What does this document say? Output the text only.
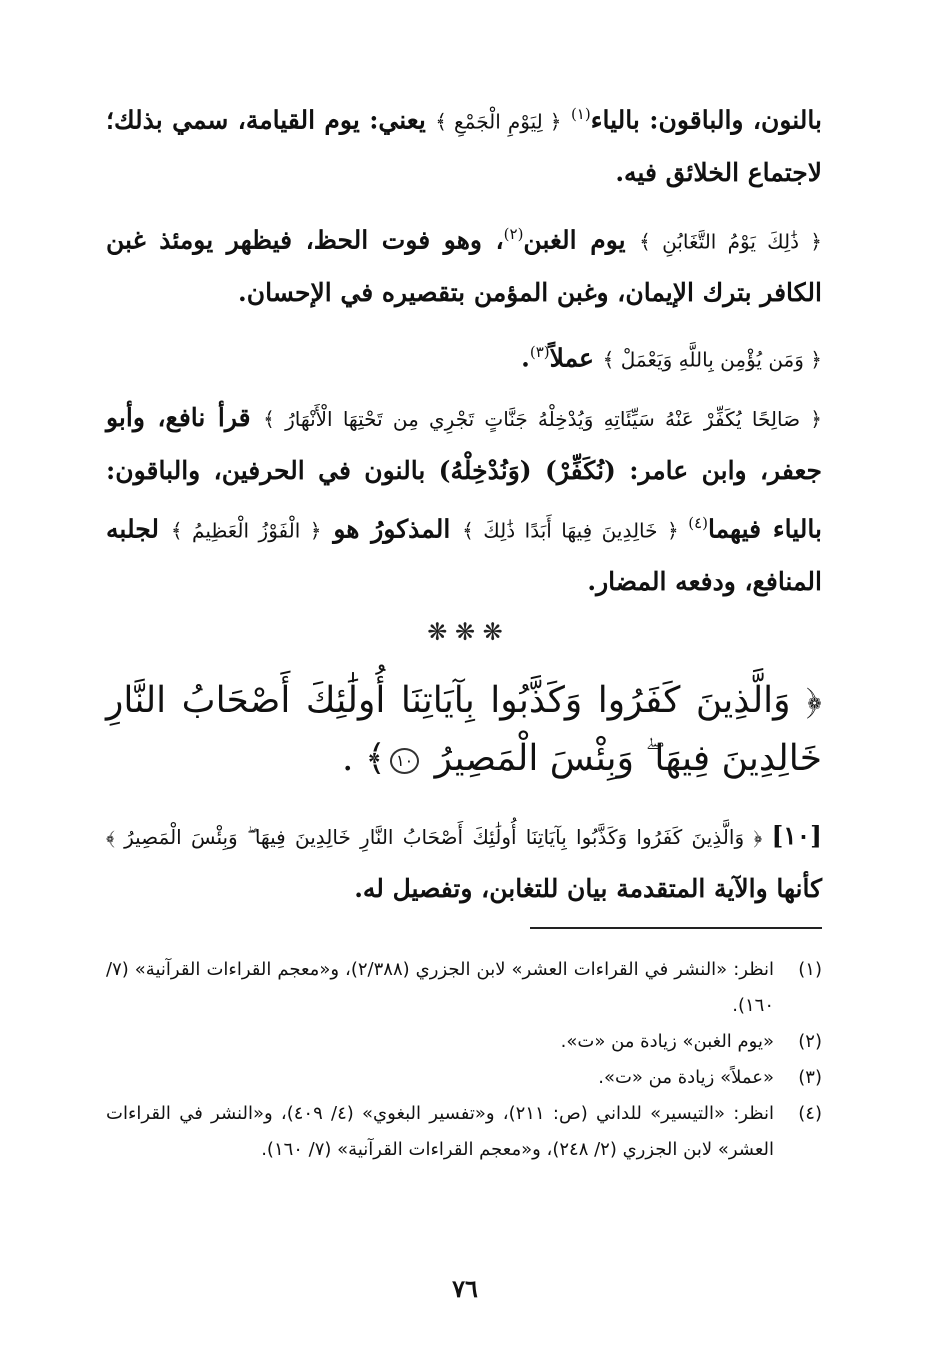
بالنون، والباقون: بالياء$^{(١)}$ ﴿ لِيَوْمِ الْجَمْعِ ﴾ يعني: يوم القيامة، سمي بذلك؛ لاجتماع الخلائق فيه.

﴿ ذَٰلِكَ يَوْمُ التَّغَابُنِ ﴾ يوم الغبن$^{(٢)}$، وهو فوت الحظ، فيظهر يومئذ غبن الكافر بترك الإيمان، وغبن المؤمن بتقصيره في الإحسان.

﴿ وَمَن يُؤْمِن بِاللَّهِ وَيَعْمَلْ ﴾ عملاً$^{(٣)}$.

﴿ صَالِحًا يُكَفِّرْ عَنْهُ سَيِّئَاتِهِ وَيُدْخِلْهُ جَنَّاتٍ تَجْرِي مِن تَحْتِهَا الْأَنْهَارُ ﴾ قرأ نافع، وأبو جعفر، وابن عامر: (نُكَفِّرْ) (وَنُدْخِلْهُ) بالنون في الحرفين، والباقون: بالياء فيهما$^{(٤)}$ ﴿ خَالِدِينَ فِيهَا أَبَدًا ذَٰلِكَ ﴾ المذكورُ هو ﴿ الْفَوْزُ الْعَظِيمُ ﴾ لجلبه المنافع، ودفعه المضار.

❋ ❋ ❋
﴿ وَالَّذِينَ كَفَرُوا وَكَذَّبُوا بِآيَاتِنَا أُولَٰئِكَ أَصْحَابُ النَّارِ خَالِدِينَ فِيهَا ۖ وَبِئْسَ الْمَصِيرُ ١٠﴾ .

[١٠] ﴿ وَالَّذِينَ كَفَرُوا وَكَذَّبُوا بِآيَاتِنَا أُولَٰئِكَ أَصْحَابُ النَّارِ خَالِدِينَ فِيهَا ۖ وَبِئْسَ الْمَصِيرُ ﴾ كأنها والآية المتقدمة بيان للتغابن، وتفصيل له.

(١)
انظر: «النشر في القراءات العشر» لابن الجزري (٢/٣٨٨)، و«معجم القراءات القرآنية» (٧/ ١٦٠).
(٢)
«يوم الغبن» زيادة من «ت».
(٣)
«عملاً» زيادة من «ت».
(٤)
انظر: «التيسير» للداني (ص: ٢١١)، و«تفسير البغوي» (٤/ ٤٠٩)، و«النشر في القراءات العشر» لابن الجزري (٢/ ٢٤٨)، و«معجم القراءات القرآنية» (٧/ ١٦٠).
٧٦
